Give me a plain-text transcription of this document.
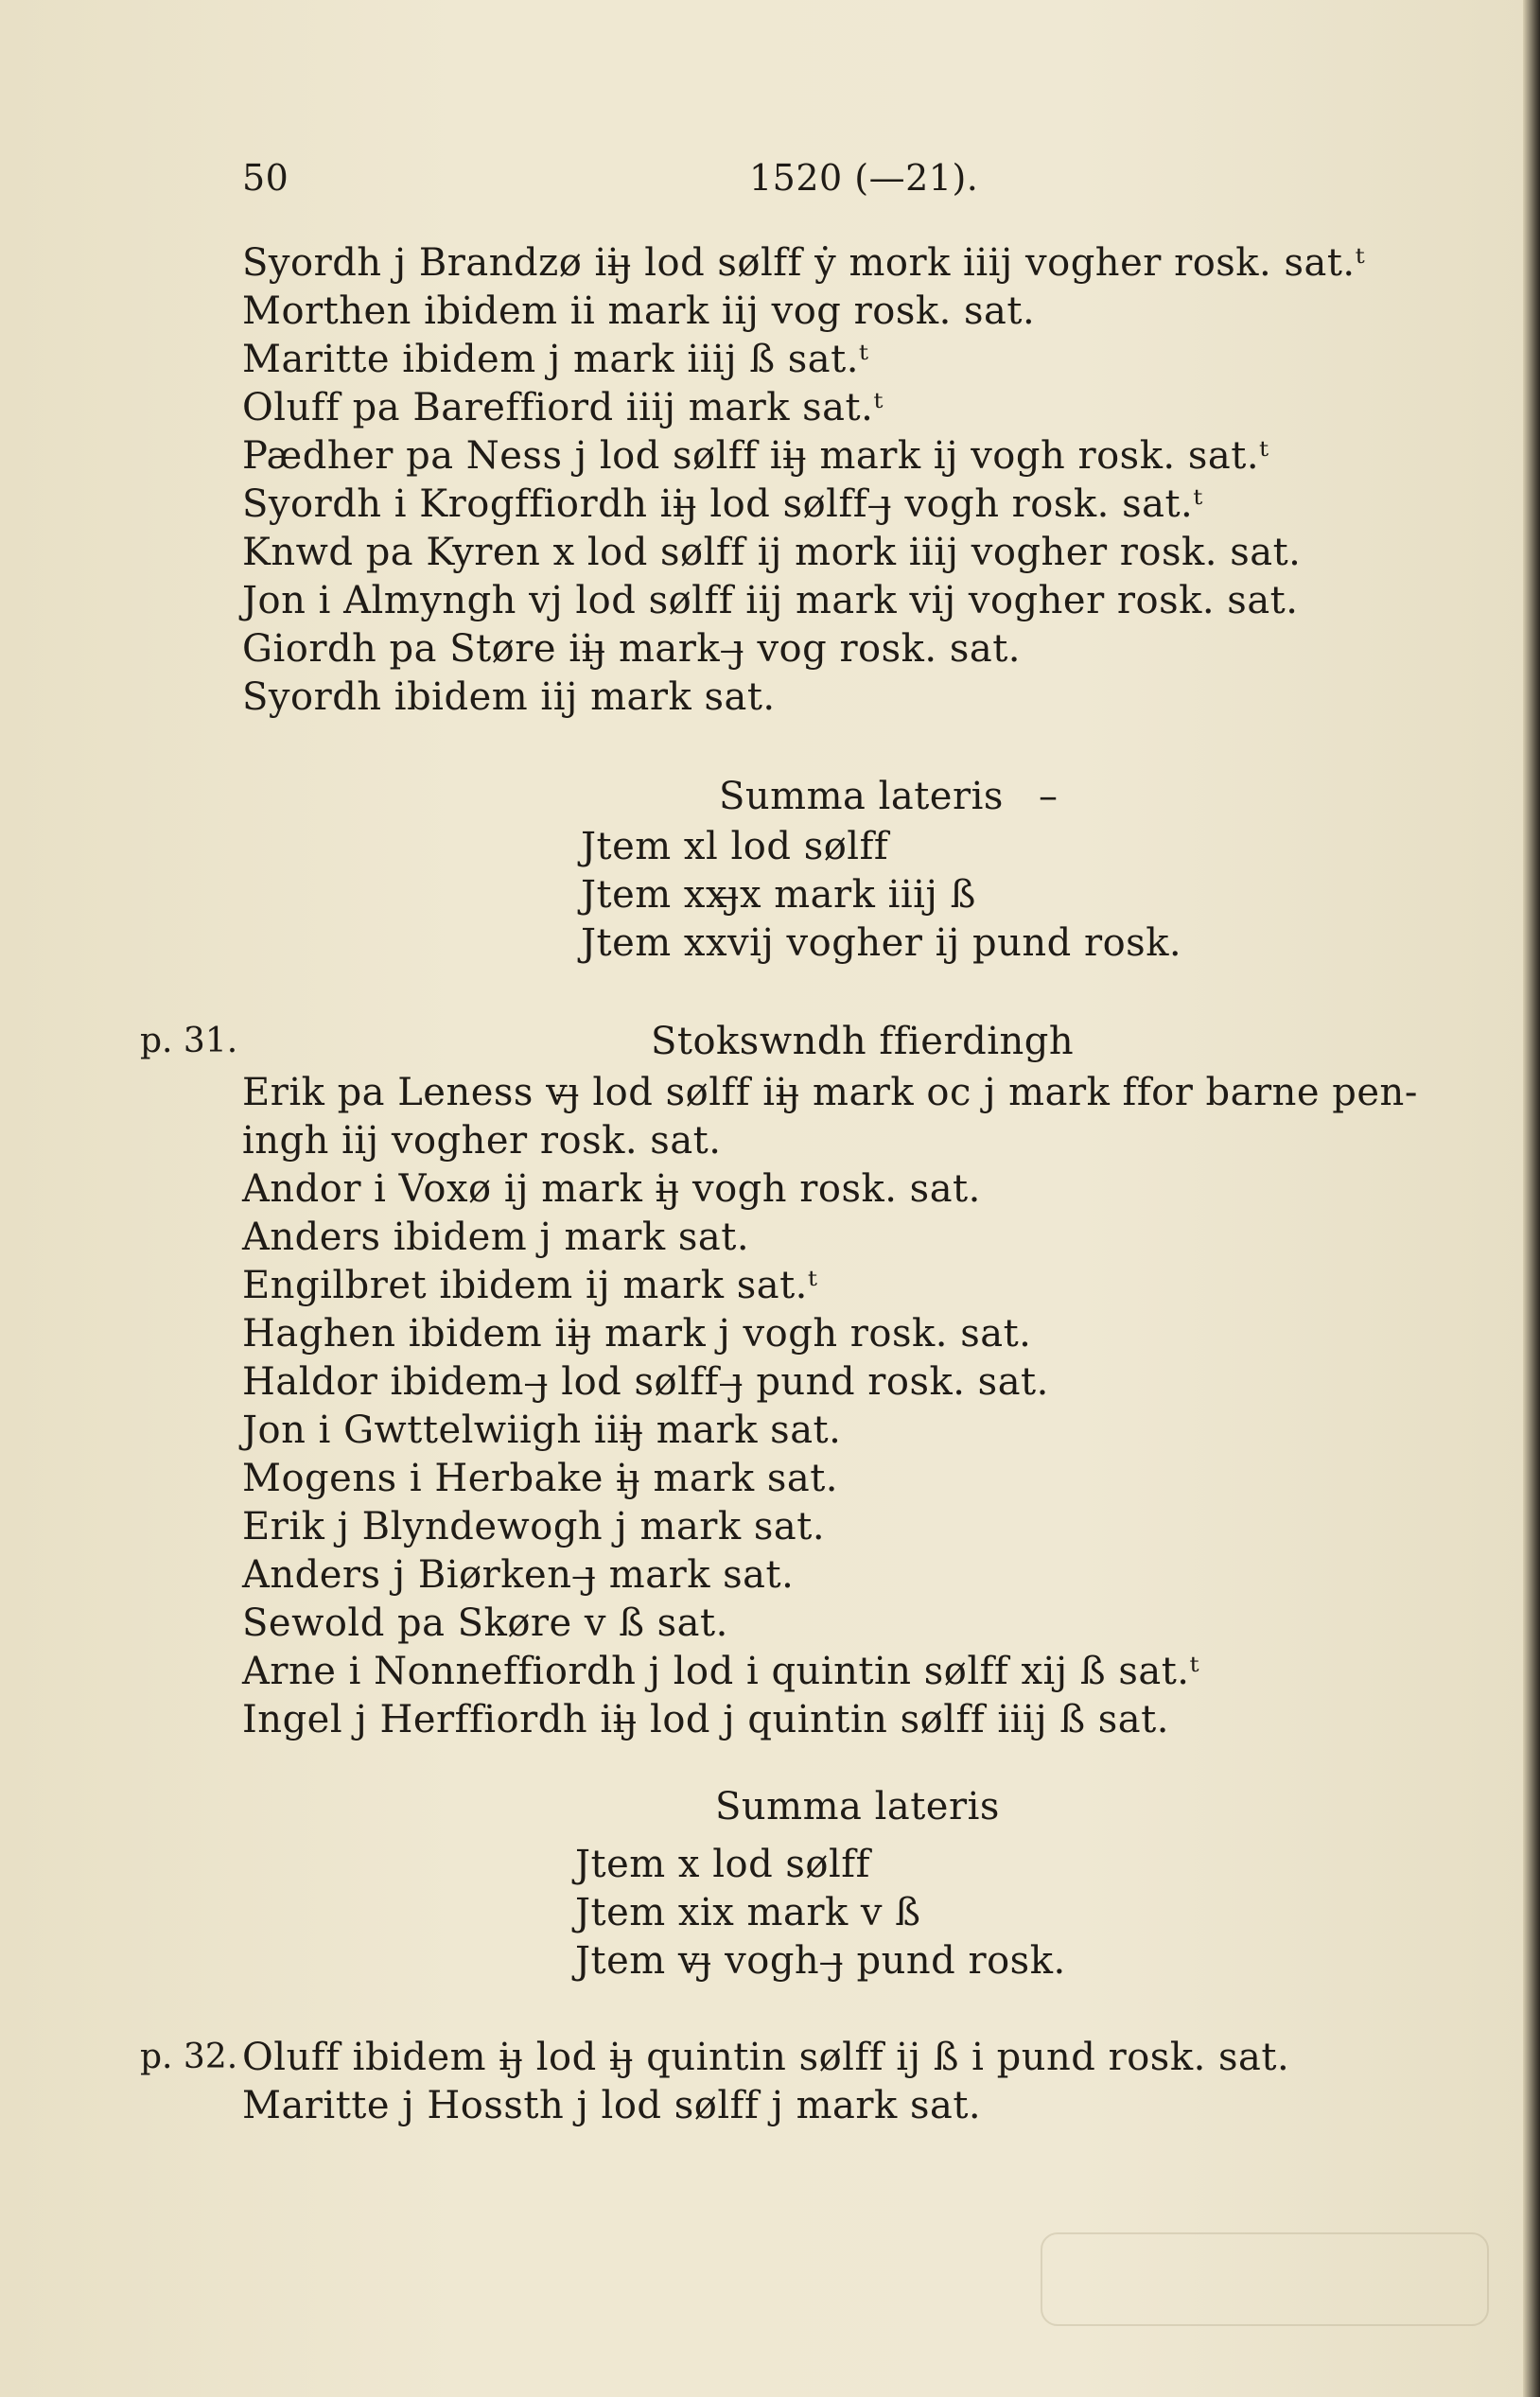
50	1520 (—21).
Syordh j Brandzø iiȷ̶ lod sølff ẏ mork iiij vogher rosk. sat.ᵗ
Morthen ibidem ii mark iij vog rosk. sat.
Maritte ibidem j mark iiij ß sat.ᵗ
Oluff pa Bareffiord iiij mark sat.ᵗ
Pædher pa Ness j lod sølff iiȷ̶ mark ij vogh rosk. sat.ᵗ
Syordh i Krogffiordh iiȷ̶ lod sølff ȷ̶ vogh rosk. sat.ᵗ
Knwd pa Kyren x lod sølff ij mork iiij vogher rosk. sat.
Jon i Almyngh vj lod sølff iij mark vij vogher rosk. sat.
Giordh pa Støre iiȷ̶ mark ȷ̶ vog rosk. sat.
Syordh ibidem iij mark sat.
Summa lateris –
Jtem xl lod sølff
Jtem xxȷ̶x mark iiij ß
Jtem xxvij vogher ij pund rosk.
p. 31.	Stokswndh ffierdingh
Erik pa Leness vȷ̶ lod sølff iiȷ̶ mark oc j mark ffor barne pen-
ingh iij vogher rosk. sat.
Andor i Voxø ij mark iȷ̶ vogh rosk. sat.
Anders ibidem j mark sat.
Engilbret ibidem ij mark sat.ᵗ
Haghen ibidem iiȷ̶ mark j vogh rosk. sat.
Haldor ibidem ȷ̶ lod sølff ȷ̶ pund rosk. sat.
Jon i Gwttelwiigh iiiȷ̶ mark sat.
Mogens i Herbake iȷ̶ mark sat.
Erik j Blyndewogh j mark sat.
Anders j Biørken ȷ̶ mark sat.
Sewold pa Skøre v ß sat.
Arne i Nonneffiordh j lod i quintin sølff xij ß sat.ᵗ
Ingel j Herffiordh iiȷ̶ lod j quintin sølff iiij ß sat.
Summa lateris
Jtem x lod sølff
Jtem xix mark v ß
Jtem vȷ̶ vogh ȷ̶ pund rosk.
p. 32. Oluff ibidem iȷ̶ lod iȷ̶ quintin sølff ij ß i pund rosk. sat.
Maritte j Hossth j lod sølff j mark sat.
